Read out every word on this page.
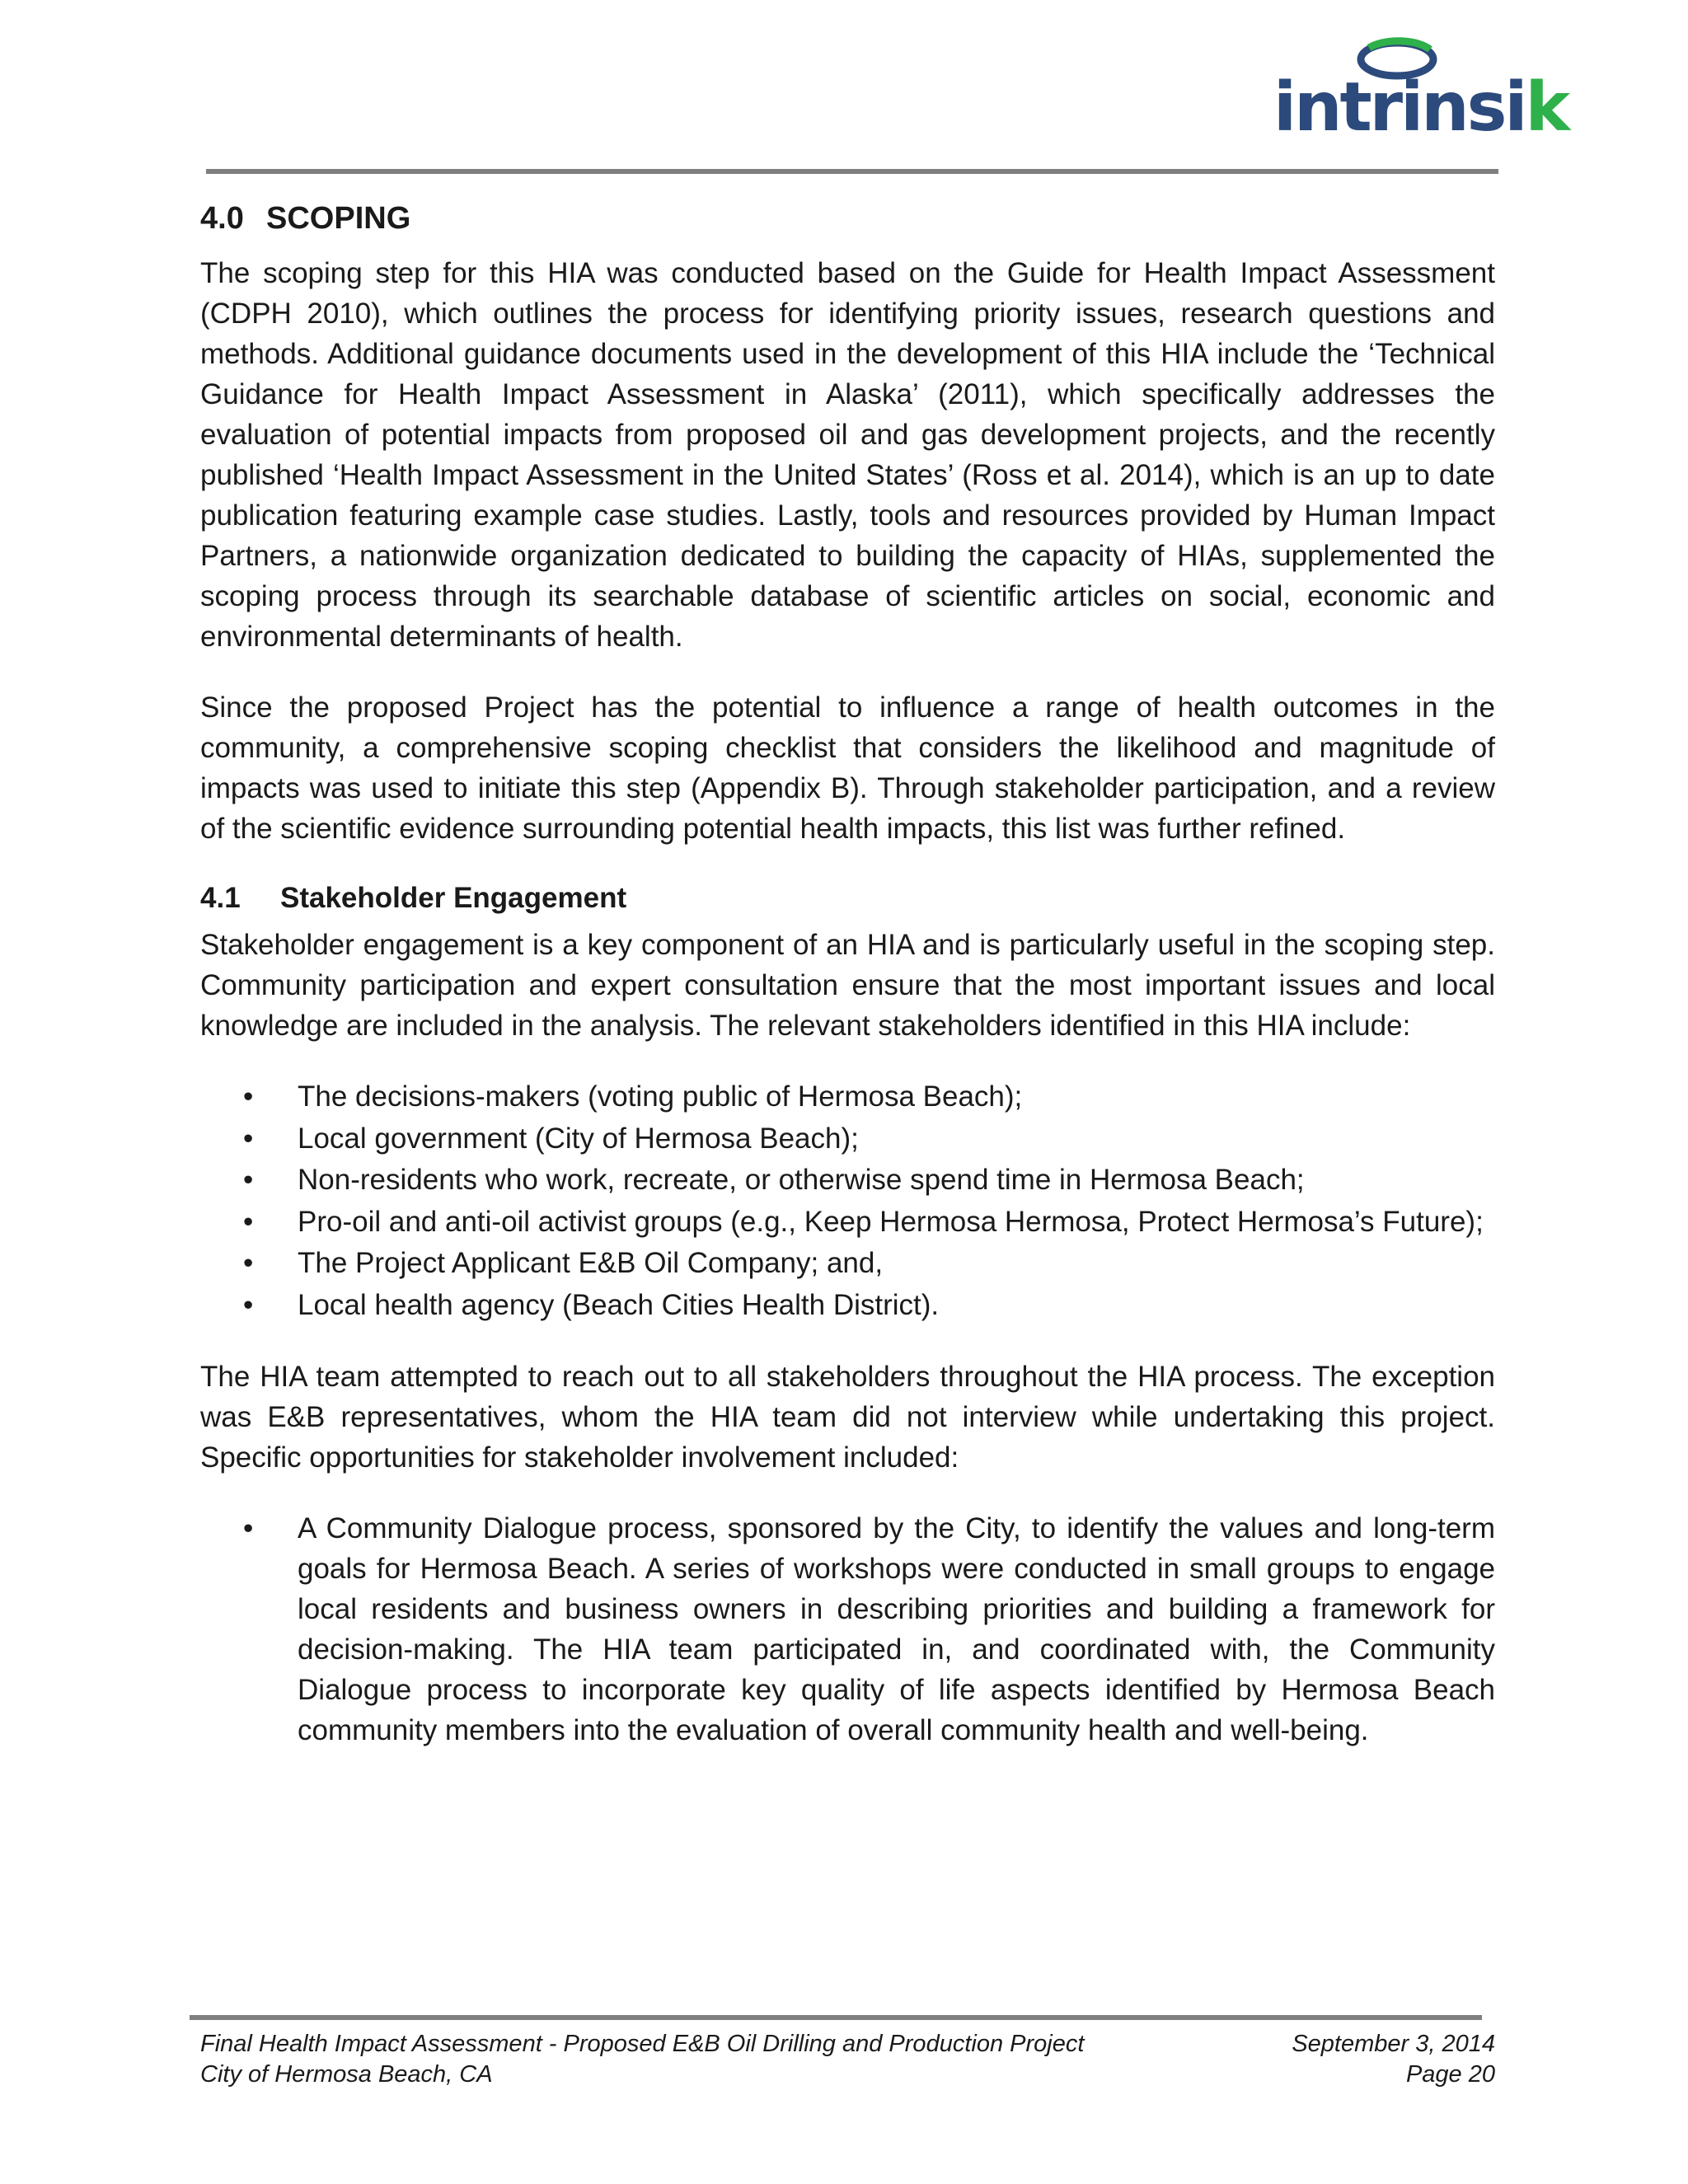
intrinsik
4.0 SCOPING

The scoping step for this HIA was conducted based on the Guide for Health Impact Assessment (CDPH 2010), which outlines the process for identifying priority issues, research questions and methods. Additional guidance documents used in the development of this HIA include the ‘Technical Guidance for Health Impact Assessment in Alaska’ (2011), which specifically addresses the evaluation of potential impacts from proposed oil and gas development projects, and the recently published ‘Health Impact Assessment in the United States’ (Ross et al. 2014), which is an up to date publication featuring example case studies. Lastly, tools and resources provided by Human Impact Partners, a nationwide organization dedicated to building the capacity of HIAs, supplemented the scoping process through its searchable database of scientific articles on social, economic and environmental determinants of health.

Since the proposed Project has the potential to influence a range of health outcomes in the community, a comprehensive scoping checklist that considers the likelihood and magnitude of impacts was used to initiate this step (Appendix B). Through stakeholder participation, and a review of the scientific evidence surrounding potential health impacts, this list was further refined.

4.1 Stakeholder Engagement

Stakeholder engagement is a key component of an HIA and is particularly useful in the scoping step. Community participation and expert consultation ensure that the most important issues and local knowledge are included in the analysis. The relevant stakeholders identified in this HIA include:

• The decisions-makers (voting public of Hermosa Beach);
• Local government (City of Hermosa Beach);
• Non-residents who work, recreate, or otherwise spend time in Hermosa Beach;
• Pro-oil and anti-oil activist groups (e.g., Keep Hermosa Hermosa, Protect Hermosa’s Future);
• The Project Applicant E&B Oil Company; and,
• Local health agency (Beach Cities Health District).

The HIA team attempted to reach out to all stakeholders throughout the HIA process. The exception was E&B representatives, whom the HIA team did not interview while undertaking this project. Specific opportunities for stakeholder involvement included:

• A Community Dialogue process, sponsored by the City, to identify the values and long-term goals for Hermosa Beach. A series of workshops were conducted in small groups to engage local residents and business owners in describing priorities and building a framework for decision-making. The HIA team participated in, and coordinated with, the Community Dialogue process to incorporate key quality of life aspects identified by Hermosa Beach community members into the evaluation of overall community health and well-being.
Final Health Impact Assessment - Proposed E&B Oil Drilling and Production Project	September 3, 2014
City of Hermosa Beach, CA	Page 20
